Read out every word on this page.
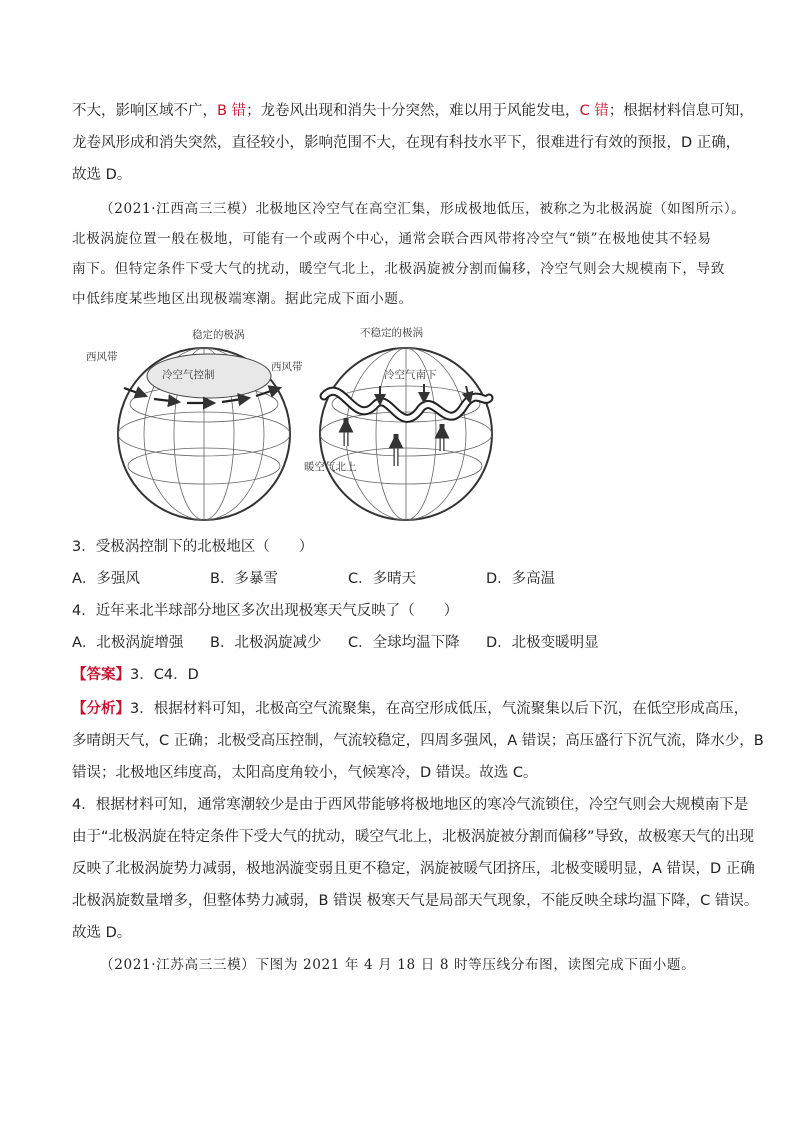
不大，影响区域不广，B 错；龙卷风出现和消失十分突然，难以用于风能发电，C 错；根据材料信息可知，
龙卷风形成和消失突然，直径较小，影响范围不大，在现有科技水平下，很难进行有效的预报，D 正确，
故选 D。
（2021·江西高三三模）北极地区冷空气在高空汇集，形成极地低压，被称之为北极涡旋（如图所示）。
北极涡旋位置一般在极地，可能有一个或两个中心，通常会联合西风带将冷空气“锁”在极地使其不轻易
南下。但特定条件下受大气的扰动，暖空气北上，北极涡旋被分割而偏移，冷空气则会大规模南下，导致
中低纬度某些地区出现极端寒潮。据此完成下面小题。
稳定的极涡
西风带
冷空气控制
不稳定的极涡
西风带
冷空气南下
暖空气北上
3．受极涡控制下的北极地区（　　）
A．多强风	B．多暴雪	C．多晴天	D．多高温
4．近年来北半球部分地区多次出现极寒天气反映了（　　）
A．北极涡旋增强 B．北极涡旋减少 C．全球均温下降 D．北极变暖明显
【答案】3．C4．D
【分析】3．根据材料可知，北极高空气流聚集，在高空形成低压，气流聚集以后下沉，在低空形成高压，
多晴朗天气，C 正确；北极受高压控制，气流较稳定，四周多强风，A 错误；高压盛行下沉气流，降水少，B
错误；北极地区纬度高，太阳高度角较小，气候寒冷，D 错误。故选 C。
4．根据材料可知，通常寒潮较少是由于西风带能够将极地地区的寒冷气流锁住，冷空气则会大规模南下是
由于“北极涡旋在特定条件下受大气的扰动，暖空气北上，北极涡旋被分割而偏移”导致，故极寒天气的出现
反映了北极涡旋势力减弱，极地涡漩变弱且更不稳定，涡旋被暖气团挤压，北极变暖明显，A 错误，D 正确
北极涡旋数量增多，但整体势力减弱，B 错误 极寒天气是局部天气现象，不能反映全球均温下降，C 错误。
故选 D。
（2021·江苏高三三模）下图为 2021 年 4 月 18 日 8 时等压线分布图，读图完成下面小题。
